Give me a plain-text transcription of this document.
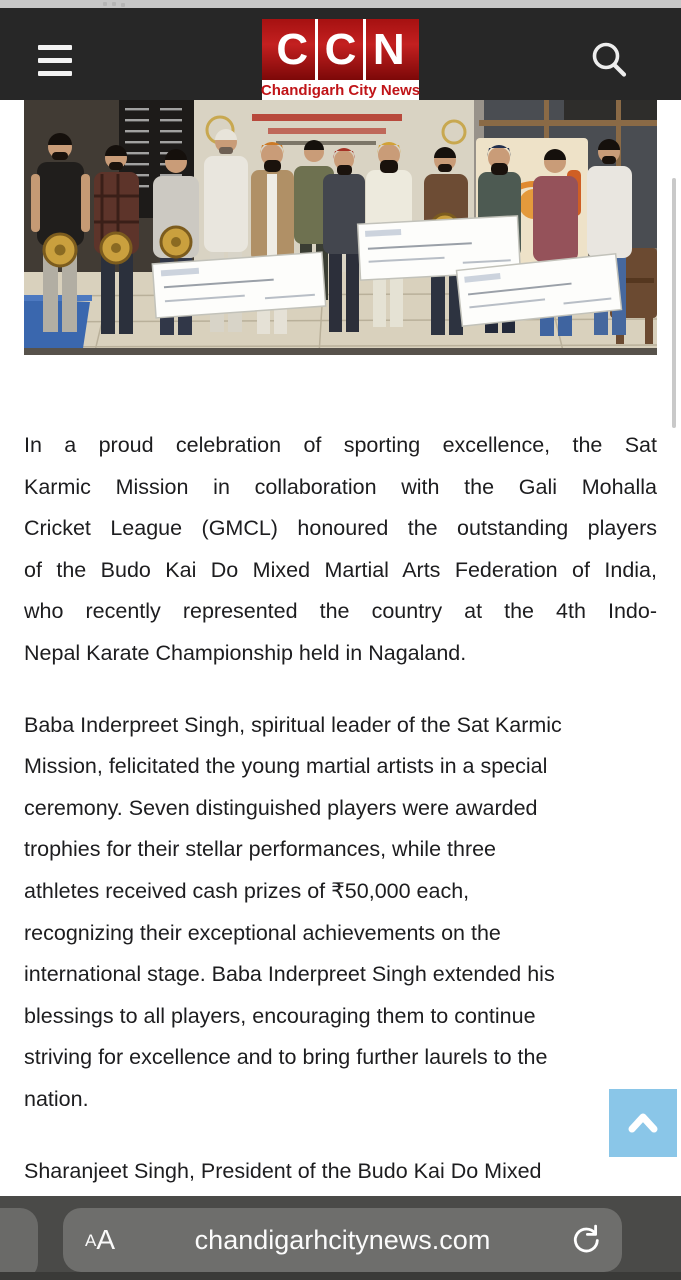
C C N
Chandigarh City News
In a proud celebration of sporting excellence, the Sat
Karmic Mission in collaboration with the Gali Mohalla
Cricket League (GMCL) honoured the outstanding players
of the Budo Kai Do Mixed Martial Arts Federation of India,
who recently represented the country at the 4th Indo-
Nepal Karate Championship held in Nagaland.
Baba Inderpreet Singh, spiritual leader of the Sat Karmic
Mission, felicitated the young martial artists in a special
ceremony. Seven distinguished players were awarded
trophies for their stellar performances, while three
athletes received cash prizes of ₹50,000 each,
recognizing their exceptional achievements on the
international stage. Baba Inderpreet Singh extended his
blessings to all players, encouraging them to continue
striving for excellence and to bring further laurels to the
nation.
Sharanjeet Singh, President of the Budo Kai Do Mixed
A A	chandigarhcitynews.com
